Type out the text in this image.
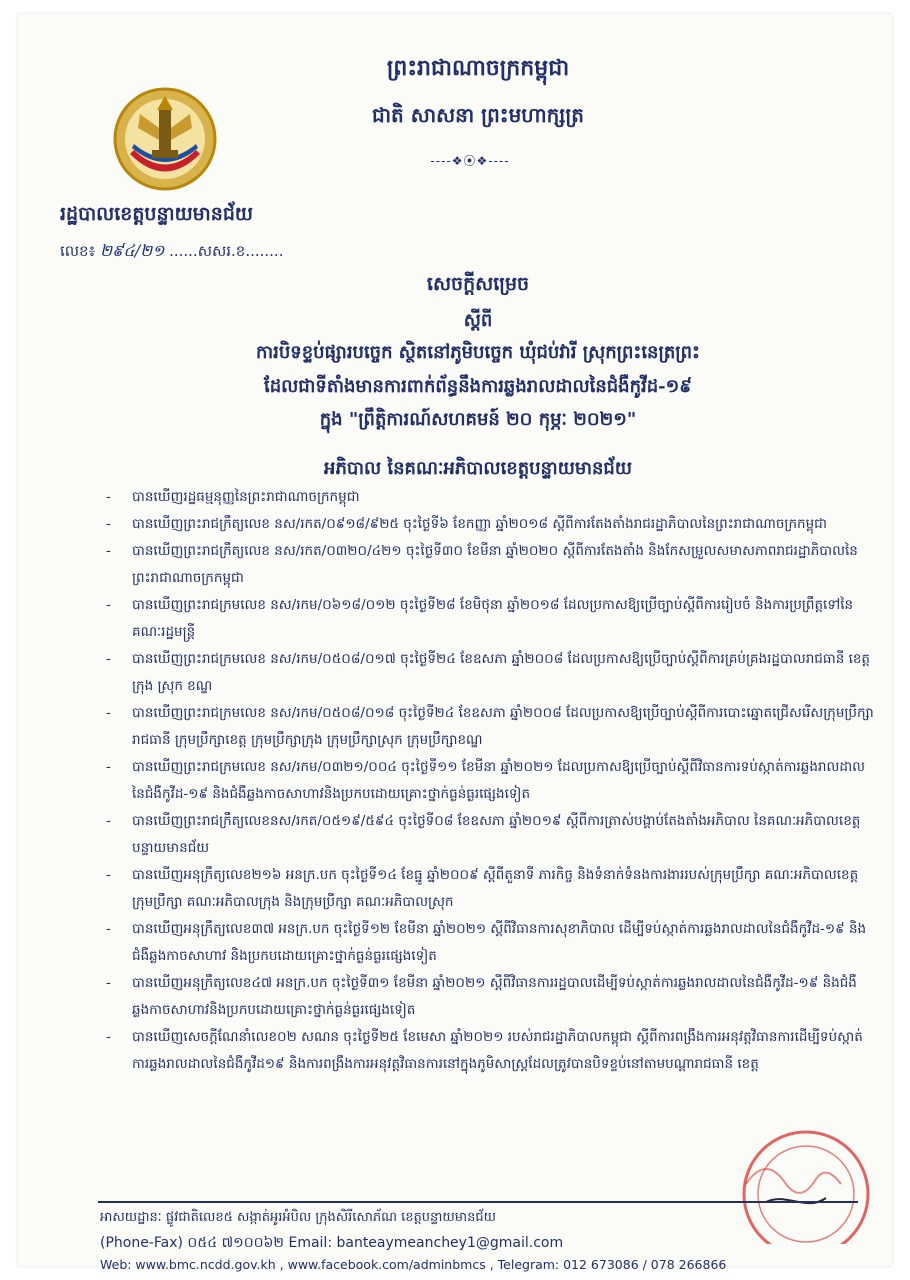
ព្រះរាជាណាចក្រកម្ពុជា
ជាតិ សាសនា ព្រះមហាក្សត្រ
----❖⦿❖----
រដ្ឋបាលខេត្តបន្ទាយមានជ័យ
លេខ៖ ២៩៤/២១ ......សសរ.ខ........
សេចក្តីសម្រេច
ស្តីពី
ការបិទខ្ទប់ផ្សារបច្ចេក ស្ថិតនៅភូមិបច្ចេក ឃុំជប់វារី ស្រុកព្រះនេត្រព្រះ
ដែលជាទីតាំងមានការពាក់ព័ន្ធនឹងការឆ្លងរាលដាលនៃជំងឺកូវីដ-១៩
ក្នុង "ព្រឹត្តិការណ៍សហគមន៍ ២០ កុម្ភៈ ២០២១"
អភិបាល នៃគណៈអភិបាលខេត្តបន្ទាយមានជ័យ
- បានឃើញរដ្ឋធម្មនុញ្ញនៃព្រះរាជាណាចក្រកម្ពុជា
- បានឃើញព្រះរាជក្រឹត្យលេខ នស/រកត/០៩១៨/៩២៥ ចុះថ្ងៃទី៦ ខែកញ្ញា ឆ្នាំ២០១៨ ស្តីពីការតែងតាំងរាជរដ្ឋាភិបាលនៃព្រះរាជាណាចក្រកម្ពុជា
- បានឃើញព្រះរាជក្រឹត្យលេខ នស/រកត/០៣២០/៤២១ ចុះថ្ងៃទី៣០ ខែមីនា ឆ្នាំ២០២០ ស្តីពីការតែងតាំង និងកែសម្រួលសមាសភាពរាជរដ្ឋាភិបាលនៃព្រះរាជាណាចក្រកម្ពុជា
- បានឃើញព្រះរាជក្រមលេខ នស/រកម/០៦១៨/០១២ ចុះថ្ងៃទី២៨ ខែមិថុនា ឆ្នាំ២០១៨ ដែលប្រកាសឱ្យប្រើច្បាប់ស្តីពីការរៀបចំ និងការប្រព្រឹត្តទៅនៃគណៈរដ្ឋមន្ត្រី
- បានឃើញព្រះរាជក្រមលេខ នស/រកម/០៥០៨/០១៧ ចុះថ្ងៃទី២៤ ខែឧសភា ឆ្នាំ២០០៨ ដែលប្រកាសឱ្យប្រើច្បាប់ស្តីពីការគ្រប់គ្រងរដ្ឋបាលរាជធានី ខេត្ត ក្រុង ស្រុក ខណ្ឌ
- បានឃើញព្រះរាជក្រមលេខ នស/រកម/០៥០៨/០១៨ ចុះថ្ងៃទី២៤ ខែឧសភា ឆ្នាំ២០០៨ ដែលប្រកាសឱ្យប្រើច្បាប់ស្តីពីការបោះឆ្នោតជ្រើសរើសក្រុមប្រឹក្សារាជធានី ក្រុមប្រឹក្សាខេត្ត ក្រុមប្រឹក្សាក្រុង ក្រុមប្រឹក្សាស្រុក ក្រុមប្រឹក្សាខណ្ឌ
- បានឃើញព្រះរាជក្រមលេខ នស/រកម/០៣២១/០០៤ ចុះថ្ងៃទី១១ ខែមីនា ឆ្នាំ២០២១ ដែលប្រកាសឱ្យប្រើច្បាប់ស្តីពីវិធានការទប់ស្កាត់ការឆ្លងរាលដាលនៃជំងឺកូវីដ-១៩ និងជំងឺឆ្លងកាចសាហាវនិងប្រកបដោយគ្រោះថ្នាក់ធ្ងន់ធ្ងរផ្សេងទៀត
- បានឃើញព្រះរាជក្រឹត្យលេខនស/រកត/០៥១៩/៥៩៤ ចុះថ្ងៃទី០៨ ខែឧសភា ឆ្នាំ២០១៩ ស្តីពីការត្រាស់បង្គាប់តែងតាំងអភិបាល នៃគណៈអភិបាលខេត្តបន្ទាយមានជ័យ
- បានឃើញអនុក្រឹត្យលេខ២១៦ អនក្រ.បក ចុះថ្ងៃទី១៤ ខែធ្នូ ឆ្នាំ២០០៩ ស្តីពីតួនាទី ភារកិច្ច និងទំនាក់ទំនងការងាររបស់ក្រុមប្រឹក្សា គណៈអភិបាលខេត្ត ក្រុមប្រឹក្សា គណៈអភិបាលក្រុង និងក្រុមប្រឹក្សា គណៈអភិបាលស្រុក
- បានឃើញអនុក្រឹត្យលេខ៣៧ អនក្រ.បក ចុះថ្ងៃទី១២ ខែមីនា ឆ្នាំ២០២១ ស្តីពីវិធានការសុខាភិបាល ដើម្បីទប់ស្កាត់ការឆ្លងរាលដាលនៃជំងឺកូវីដ-១៩ និងជំងឺឆ្លងកាចសាហាវ និងប្រកបដោយគ្រោះថ្នាក់ធ្ងន់ធ្ងរផ្សេងទៀត
- បានឃើញអនុក្រឹត្យលេខ៤៧ អនក្រ.បក ចុះថ្ងៃទី៣១ ខែមីនា ឆ្នាំ២០២១ ស្តីពីវិធានការរដ្ឋបាលដើម្បីទប់ស្កាត់ការឆ្លងរាលដាលនៃជំងឺកូវីដ-១៩ និងជំងឺឆ្លងកាចសាហាវនិងប្រកបដោយគ្រោះថ្នាក់ធ្ងន់ធ្ងរផ្សេងទៀត
- បានឃើញសេចក្តីណែនាំលេខ០២ សណន ចុះថ្ងៃទី២៥ ខែមេសា ឆ្នាំ២០២១ របស់រាជរដ្ឋាភិបាលកម្ពុជា ស្តីពីការពង្រឹងការអនុវត្តវិធានការដើម្បីទប់ស្កាត់ការឆ្លងរាលដាលនៃជំងឺកូវីដ១៩ និងការពង្រឹងការអនុវត្តវិធានការនៅក្នុងភូមិសាស្ត្រដែលត្រូវបានបិទខ្ទប់នៅតាមបណ្តារាជធានី ខេត្ត
អាសយដ្ឋានៈ ផ្លូវជាតិលេខ៥ សង្កាត់អូរអំបិល ក្រុងសិរីសោភ័ណ ខេត្តបន្ទាយមានជ័យ
(Phone-Fax) ០៥៤ ៧១០០៦២ Email: banteaymeanchey1@gmail.com
Web: www.bmc.ncdd.gov.kh , www.facebook.com/adminbmcs , Telegram: 012 673086 / 078 266866
